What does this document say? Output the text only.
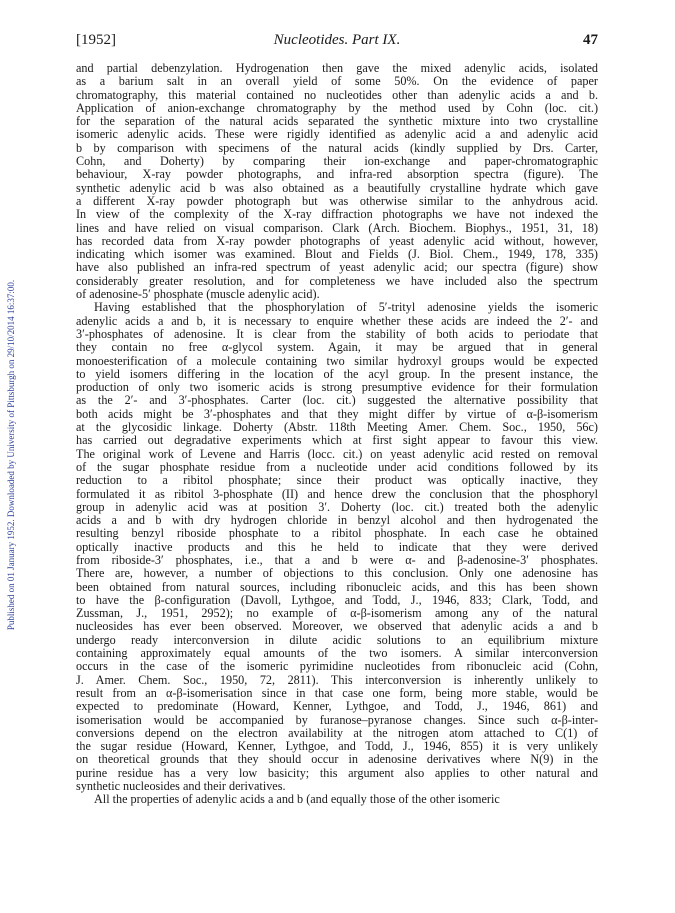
Published on 01 January 1952. Downloaded by University of Pittsburgh on 29/10/2014 16:37:00.
[1952]	Nucleotides. Part IX.	47

and partial debenzylation. Hydrogenation then gave the mixed adenylic acids, isolated
as a barium salt in an overall yield of some 50%. On the evidence of paper
chromatography, this material contained no nucleotides other than adenylic acids a and b.
Application of anion-exchange chromatography by the method used by Cohn (loc. cit.)
for the separation of the natural acids separated the synthetic mixture into two crystalline
isomeric adenylic acids. These were rigidly identified as adenylic acid a and adenylic acid
b by comparison with specimens of the natural acids (kindly supplied by Drs. Carter,
Cohn, and Doherty) by comparing their ion-exchange and paper-chromatographic
behaviour, X-ray powder photographs, and infra-red absorption spectra (figure). The
synthetic adenylic acid b was also obtained as a beautifully crystalline hydrate which gave
a different X-ray powder photograph but was otherwise similar to the anhydrous acid.
In view of the complexity of the X-ray diffraction photographs we have not indexed the
lines and have relied on visual comparison. Clark (Arch. Biochem. Biophys., 1951, 31, 18)
has recorded data from X-ray powder photographs of yeast adenylic acid without, however,
indicating which isomer was examined. Blout and Fields (J. Biol. Chem., 1949, 178, 335)
have also published an infra-red spectrum of yeast adenylic acid; our spectra (figure) show
considerably greater resolution, and for completeness we have included also the spectrum
of adenosine-5′ phosphate (muscle adenylic acid).

Having established that the phosphorylation of 5′-trityl adenosine yields the isomeric
adenylic acids a and b, it is necessary to enquire whether these acids are indeed the 2′- and
3′-phosphates of adenosine. It is clear from the stability of both acids to periodate that
they contain no free α-glycol system. Again, it may be argued that in general
monoesterification of a molecule containing two similar hydroxyl groups would be expected
to yield isomers differing in the location of the acyl group. In the present instance, the
production of only two isomeric acids is strong presumptive evidence for their formulation
as the 2′- and 3′-phosphates. Carter (loc. cit.) suggested the alternative possibility that
both acids might be 3′-phosphates and that they might differ by virtue of α-β-isomerism
at the glycosidic linkage. Doherty (Abstr. 118th Meeting Amer. Chem. Soc., 1950, 56c)
has carried out degradative experiments which at first sight appear to favour this view.
The original work of Levene and Harris (locc. cit.) on yeast adenylic acid rested on removal
of the sugar phosphate residue from a nucleotide under acid conditions followed by its
reduction to a ribitol phosphate; since their product was optically inactive, they
formulated it as ribitol 3-phosphate (II) and hence drew the conclusion that the phosphoryl
group in adenylic acid was at position 3′. Doherty (loc. cit.) treated both the adenylic
acids a and b with dry hydrogen chloride in benzyl alcohol and then hydrogenated the
resulting benzyl riboside phosphate to a ribitol phosphate. In each case he obtained
optically inactive products and this he held to indicate that they were derived
from riboside-3′ phosphates, i.e., that a and b were α- and β-adenosine-3′ phosphates.
There are, however, a number of objections to this conclusion. Only one adenosine has
been obtained from natural sources, including ribonucleic acids, and this has been shown
to have the β-configuration (Davoll, Lythgoe, and Todd, J., 1946, 833; Clark, Todd, and
Zussman, J., 1951, 2952); no example of α-β-isomerism among any of the natural
nucleosides has ever been observed. Moreover, we observed that adenylic acids a and b
undergo ready interconversion in dilute acidic solutions to an equilibrium mixture
containing approximately equal amounts of the two isomers. A similar interconversion
occurs in the case of the isomeric pyrimidine nucleotides from ribonucleic acid (Cohn,
J. Amer. Chem. Soc., 1950, 72, 2811). This interconversion is inherently unlikely to
result from an α-β-isomerisation since in that case one form, being more stable, would be
expected to predominate (Howard, Kenner, Lythgoe, and Todd, J., 1946, 861) and
isomerisation would be accompanied by furanose–pyranose changes. Since such α-β-inter-
conversions depend on the electron availability at the nitrogen atom attached to C(1) of
the sugar residue (Howard, Kenner, Lythgoe, and Todd, J., 1946, 855) it is very unlikely
on theoretical grounds that they should occur in adenosine derivatives where N(9) in the
purine residue has a very low basicity; this argument also applies to other natural and
synthetic nucleosides and their derivatives.

All the properties of adenylic acids a and b (and equally those of the other isomeric
